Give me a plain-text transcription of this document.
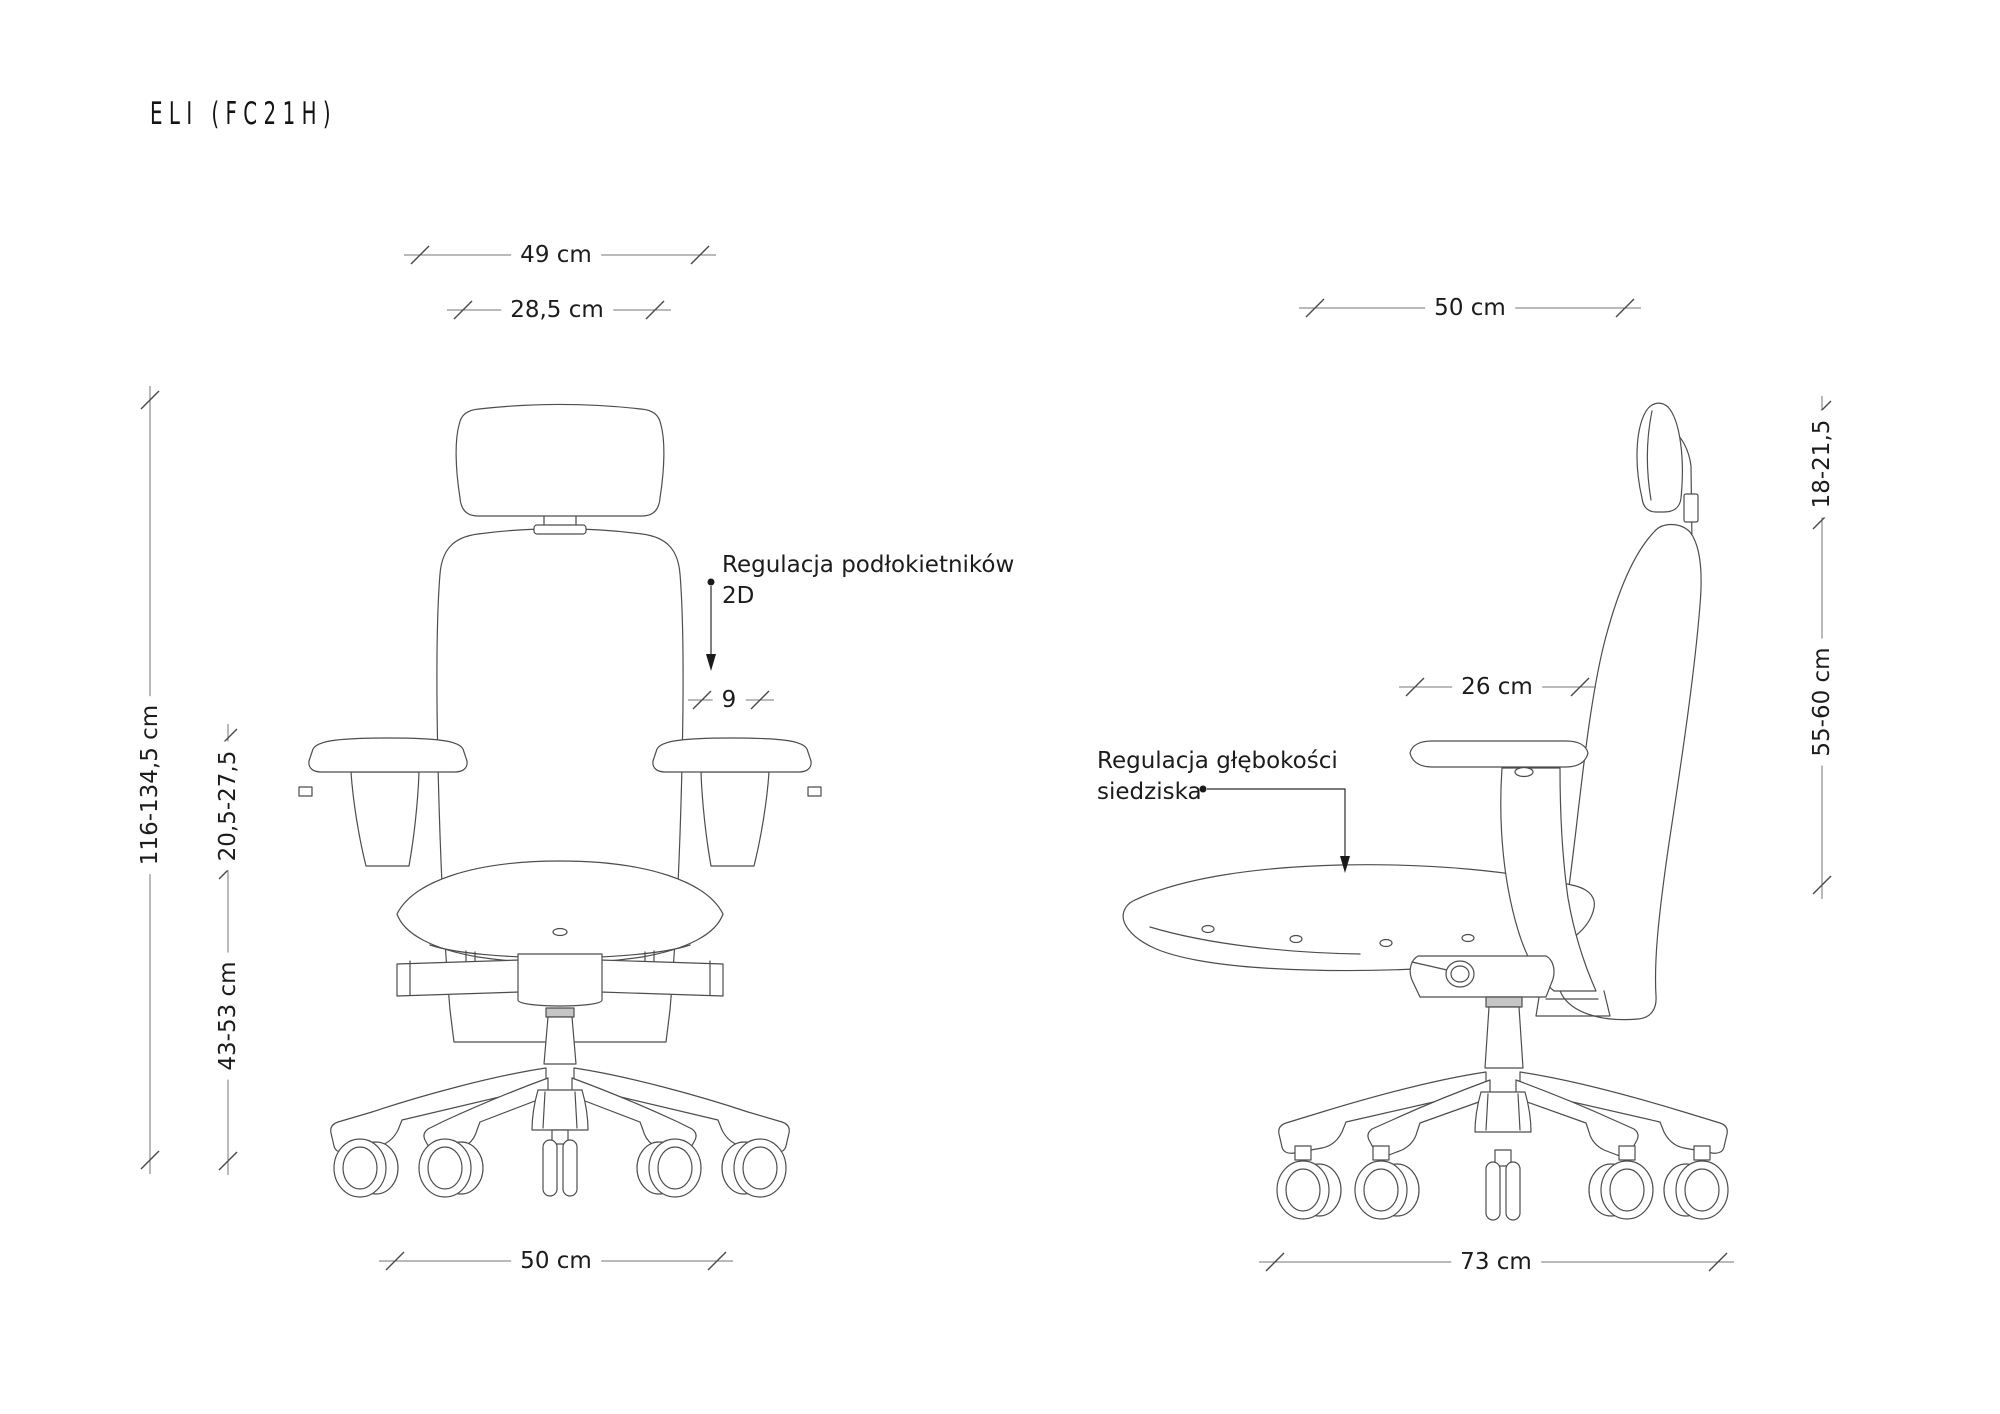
ELI (FC21H)
49 cm
28,5 cm
116-134,5 cm 20,5-27,5
43-53 cm
9
50 cm
50 cm
18-21,5
55-60 cm
26 cm
73 cm
Regulacja podłokietników
2D
Regulacja głębokości
siedziska
